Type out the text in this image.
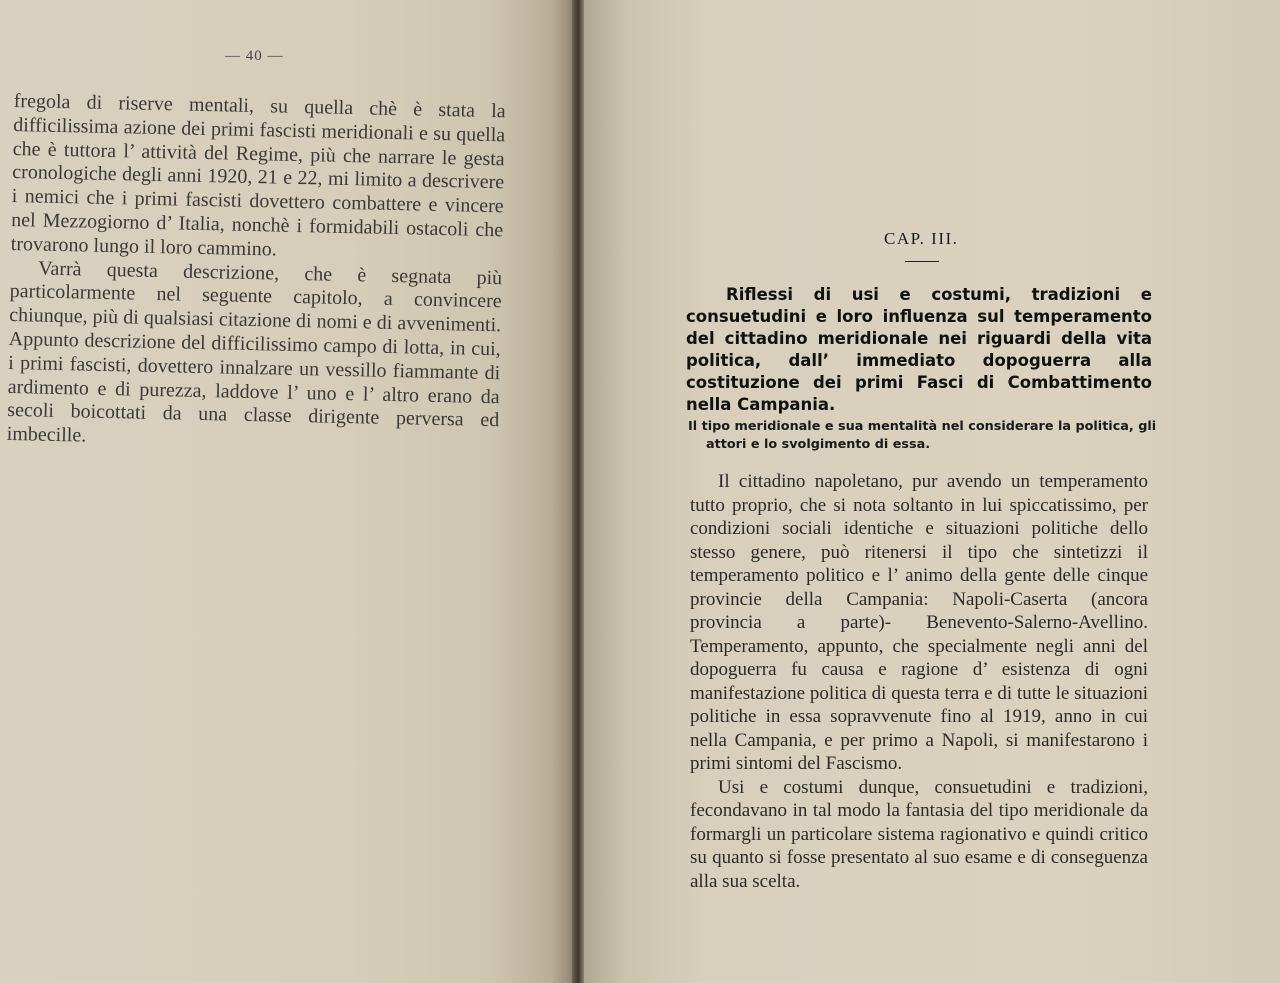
— 40 —

fregola di riserve mentali, su quella chè è stata la difficilissima azione dei primi fascisti meridionali e su quella che è tuttora l’ attività del Regime, più che narrare le gesta cronologiche degli anni 1920, 21 e 22, mi limito a descrivere i nemici che i primi fascisti dovettero combattere e vincere nel Mezzogiorno d’ Italia, nonchè i formidabili ostacoli che trovarono lungo il loro cammino.

Varrà questa descrizione, che è segnata più particolarmente nel seguente capitolo, a convincere chiunque, più di qualsiasi citazione di nomi e di avvenimenti. Appunto descrizione del difficilissimo campo di lotta, in cui, i primi fascisti, dovettero innalzare un vessillo fiammante di ardimento e di purezza, laddove l’ uno e l’ altro erano da secoli boicottati da una classe dirigente perversa ed imbecille.

CAP. III.
Riflessi di usi e costumi, tradizioni e consuetudini e loro influenza sul temperamento del cittadino meridionale nei riguardi della vita politica, dall’ immediato dopoguerra alla costituzione dei primi Fasci di Combattimento nella Campania.
Il tipo meridionale e sua mentalità nel considerare la politica, gli attori e lo svolgimento di essa.

Il cittadino napoletano, pur avendo un temperamento tutto proprio, che si nota soltanto in lui spiccatissimo, per condizioni sociali identiche e situazioni politiche dello stesso genere, può ritenersi il tipo che sintetizzi il temperamento politico e l’ animo della gente delle cinque provincie della Campania: Napoli-Caserta (ancora provincia a parte)- Benevento-Salerno-Avellino. Temperamento, appunto, che specialmente negli anni del dopoguerra fu causa e ragione d’ esistenza di ogni manifestazione politica di questa terra e di tutte le situazioni politiche in essa sopravvenute fino al 1919, anno in cui nella Campania, e per primo a Napoli, si manifestarono i primi sintomi del Fascismo.

Usi e costumi dunque, consuetudini e tradizioni, fecondavano in tal modo la fantasia del tipo meridionale da formargli un particolare sistema ragionativo e quindi critico su quanto si fosse presentato al suo esame e di conseguenza alla sua scelta.
